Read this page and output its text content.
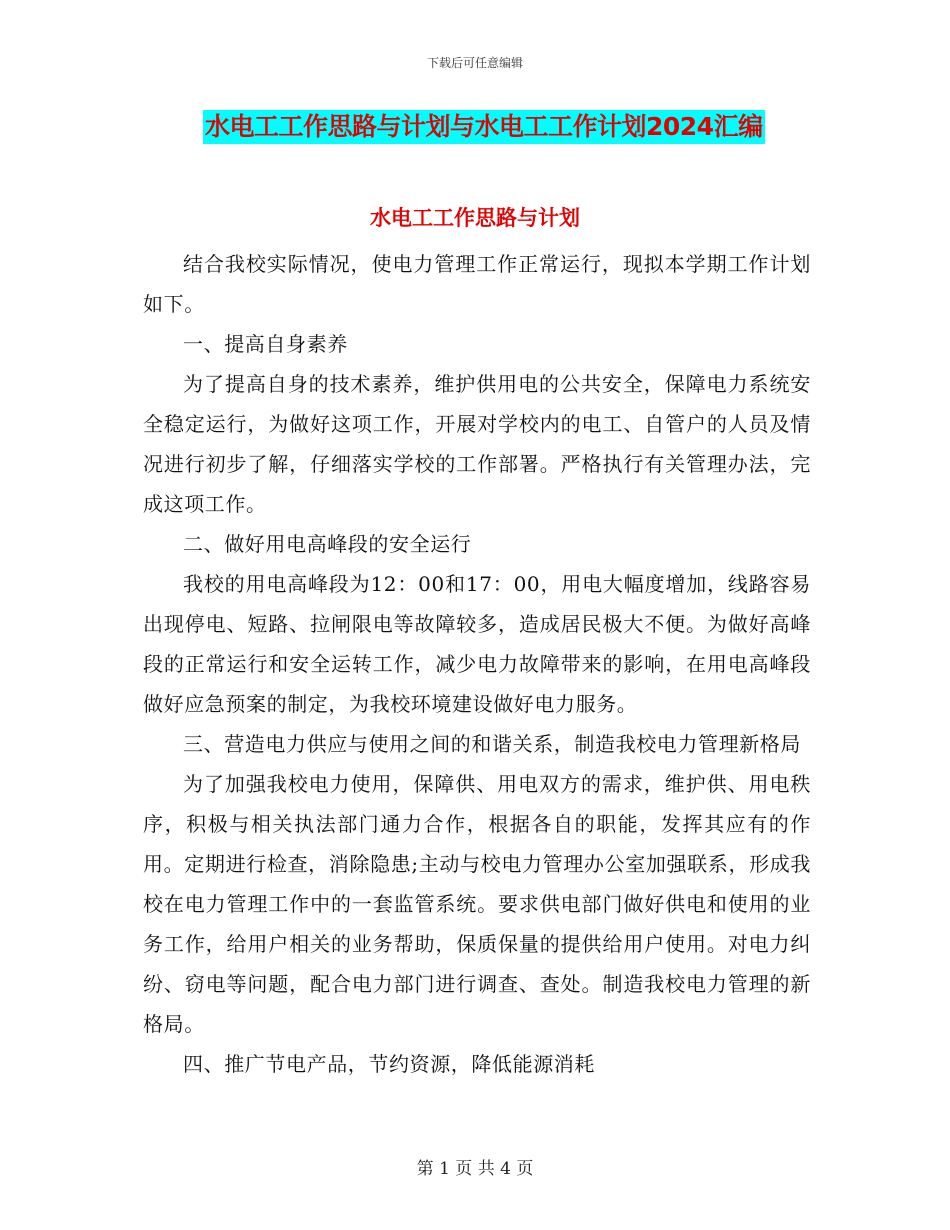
下载后可任意编辑
水电工工作思路与计划与水电工工作计划2024汇编
水电工工作思路与计划

结合我校实际情况，使电力管理工作正常运行，现拟本学期工作计划如下。

一、提高自身素养

为了提高自身的技术素养，维护供用电的公共安全，保障电力系统安全稳定运行，为做好这项工作，开展对学校内的电工、自管户的人员及情况进行初步了解，仔细落实学校的工作部署。严格执行有关管理办法，完成这项工作。

二、做好用电高峰段的安全运行

我校的用电高峰段为12：00和17：00，用电大幅度增加，线路容易出现停电、短路、拉闸限电等故障较多，造成居民极大不便。为做好高峰段的正常运行和安全运转工作，减少电力故障带来的影响，在用电高峰段做好应急预案的制定，为我校环境建设做好电力服务。

三、营造电力供应与使用之间的和谐关系，制造我校电力管理新格局

为了加强我校电力使用，保障供、用电双方的需求，维护供、用电秩序，积极与相关执法部门通力合作，根据各自的职能，发挥其应有的作用。定期进行检查，消除隐患;主动与校电力管理办公室加强联系，形成我校在电力管理工作中的一套监管系统。要求供电部门做好供电和使用的业务工作，给用户相关的业务帮助，保质保量的提供给用户使用。对电力纠纷、窃电等问题，配合电力部门进行调查、查处。制造我校电力管理的新格局。

四、推广节电产品，节约资源，降低能源消耗

第 1 页 共 4 页
